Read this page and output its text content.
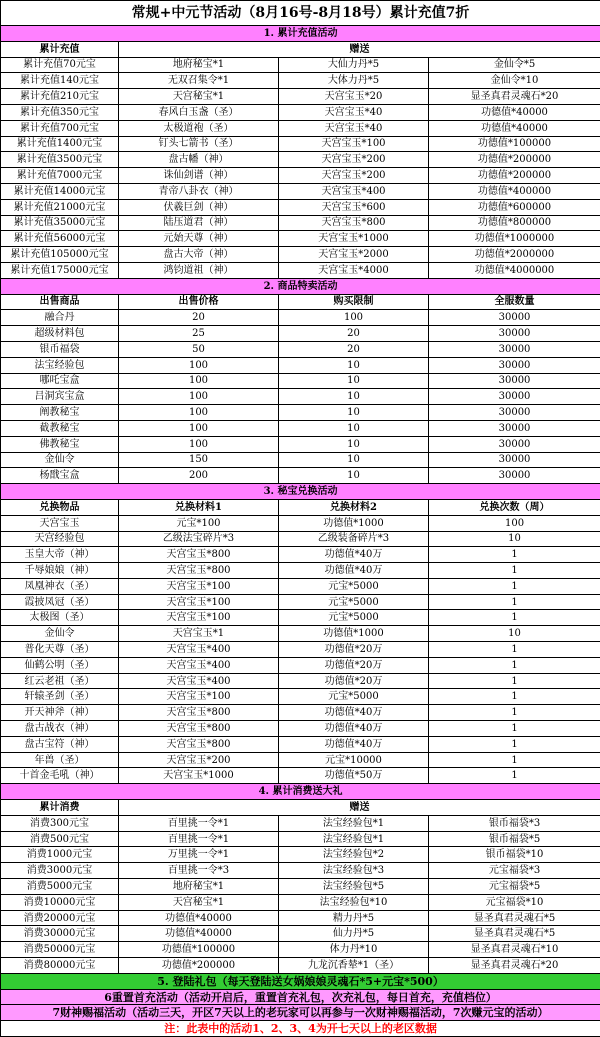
常规+中元节活动（8月16号-8月18号）累计充值7折			
1. 累计充值活动			
累计充值	赠送		
累计充值70元宝	地府秘宝*1	大仙力丹*5	金仙令*5
累计充值140元宝	无双召集令*1	大体力丹*5	金仙令*10
累计充值210元宝	天宫秘宝*1	天宫宝玉*20	显圣真君灵魂石*20
累计充值350元宝	春风白玉盏（圣）	天宫宝玉*40	功德值*40000
累计充值700元宝	太极道袍（圣）	天宫宝玉*40	功德值*40000
累计充值1400元宝	钉头七箭书（圣）	天宫宝玉*100	功德值*100000
累计充值3500元宝	盘古幡（神）	天宫宝玉*200	功德值*200000
累计充值7000元宝	诛仙剑谱（神）	天宫宝玉*200	功德值*200000
累计充值14000元宝	青帝八卦衣（神）	天宫宝玉*400	功德值*400000
累计充值21000元宝	伏羲巨剑（神）	天宫宝玉*600	功德值*600000
累计充值35000元宝	陆压道君（神）	天宫宝玉*800	功德值*800000
累计充值56000元宝	元始天尊（神）	天宫宝玉*1000	功德值*1000000
累计充值105000元宝	盘古大帝（神）	天宫宝玉*2000	功德值*2000000
累计充值175000元宝	鸿钧道祖（神）	天宫宝玉*4000	功德值*4000000
2. 商品特卖活动			
出售商品	出售价格	购买限制	全服数量
融合丹	20	100	30000
超级材料包	25	20	30000
银币福袋	50	20	30000
法宝经验包	100	10	30000
哪吒宝盒	100	10	30000
吕洞宾宝盒	100	10	30000
阐教秘宝	100	10	30000
截教秘宝	100	10	30000
佛教秘宝	100	10	30000
金仙令	150	10	30000
杨戬宝盒	200	10	30000
3. 秘宝兑换活动			
兑换物品	兑换材料1	兑换材料2	兑换次数（周）
天宫宝玉	元宝*100	功德值*1000	100
天宫经验包	乙级法宝碎片*3	乙级装备碎片*3	10
玉皇大帝（神）	天宫宝玉*800	功德值*40万	1
千辱娘娘（神）	天宫宝玉*800	功德值*40万	1
凤凰神衣（圣）	天宫宝玉*100	元宝*5000	1
霞披凤冠（圣）	天宫宝玉*100	元宝*5000	1
太极图（圣）	天宫宝玉*100	元宝*5000	1
金仙令	天宫宝玉*1	功德值*1000	10
普化天尊（圣）	天宫宝玉*400	功德值*20万	1
仙鹤公明（圣）	天宫宝玉*400	功德值*20万	1
红云老祖（圣）	天宫宝玉*400	功德值*20万	1
轩辕圣剑（圣）	天宫宝玉*100	元宝*5000	1
开天神斧（神）	天宫宝玉*800	功德值*40万	1
盘古战衣（神）	天宫宝玉*800	功德值*40万	1
盘古宝符（神）	天宫宝玉*800	功德值*40万	1
年兽（圣）	天宫宝玉*200	元宝*10000	1
十首金毛吼（神）	天宫宝玉*1000	功德值*50万	1
4. 累计消费送大礼			
累计消费	赠送		
消费300元宝	百里挑一令*1	法宝经验包*1	银币福袋*3
消费500元宝	百里挑一令*1	法宝经验包*1	银币福袋*5
消费1000元宝	万里挑一令*1	法宝经验包*2	银币福袋*10
消费3000元宝	百里挑一令*3	法宝经验包*3	元宝福袋*3
消费5000元宝	地府秘宝*1	法宝经验包*5	元宝福袋*5
消费10000元宝	天宫秘宝*1	法宝经验包*10	元宝福袋*10
消费20000元宝	功德值*40000	精力丹*5	显圣真君灵魂石*5
消费30000元宝	功德值*40000	仙力丹*5	显圣真君灵魂石*5
消费50000元宝	功德值*100000	体力丹*10	显圣真君灵魂石*10
消费80000元宝	功德值*200000	九龙沉香辇*1（圣）	显圣真君灵魂石*20
5. 登陆礼包（每天登陆送女娲娘娘灵魂石*5+元宝*500）			
6重置首充活动（活动开启后，重置首充礼包，次充礼包，每日首充，充值档位）			
7财神赐福活动（活动三天，开区7天以上的老玩家可以再参与一次财神赐福活动，7次赚元宝的活动）			
注：此表中的活动1、2、3、4为开七天以上的老区数据			
